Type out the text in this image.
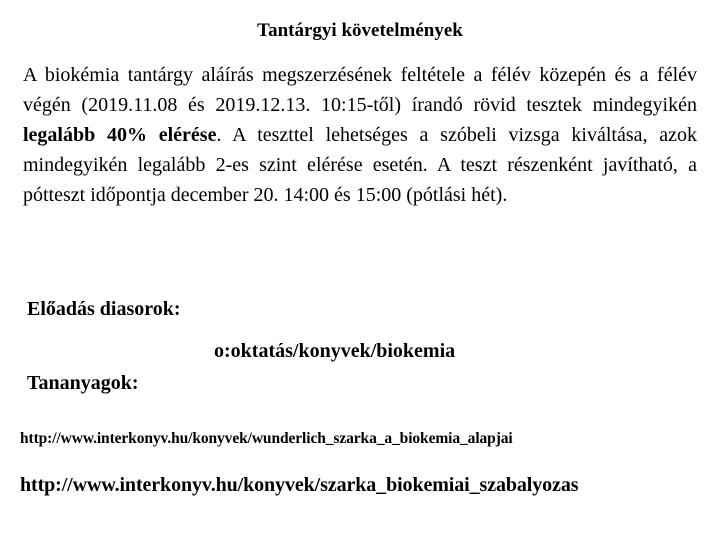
Tantárgyi követelmények
A biokémia tantárgy aláírás megszerzésének feltétele a félév közepén és a félév végén (2019.11.08 és 2019.12.13. 10:15-től) írandó rövid tesztek mindegyikén legalább 40% elérése. A teszttel lehetséges a szóbeli vizsga kiváltása, azok mindegyikén legalább 2-es szint elérése esetén. A teszt részenként javítható, a pótteszt időpontja december 20. 14:00 és 15:00 (pótlási hét).
Előadás diasorok:
o:oktatás/konyvek/biokemia
Tananyagok:
http://www.interkonyv.hu/konyvek/wunderlich_szarka_a_biokemia_alapjai
http://www.interkonyv.hu/konyvek/szarka_biokemiai_szabalyozas
